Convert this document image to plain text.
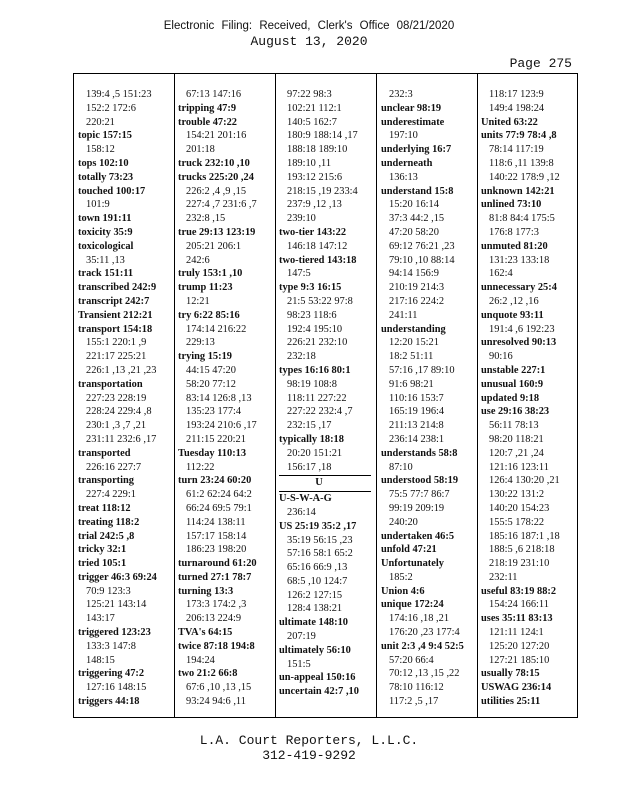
Electronic Filing: Received, Clerk's Office 08/21/2020
August 13, 2020
Page 275
139:4 ,5 151:23
152:2 172:6
220:21
topic 157:15
158:12
tops 102:10
totally 73:23
touched 100:17
101:9
town 191:11
toxicity 35:9
toxicological
35:11 ,13
track 151:11
transcribed 242:9
transcript 242:7
Transient 212:21
transport 154:18
155:1 220:1 ,9
221:17 225:21
226:1 ,13 ,21 ,23
transportation
227:23 228:19
228:24 229:4 ,8
230:1 ,3 ,7 ,21
231:11 232:6 ,17
transported
226:16 227:7
transporting
227:4 229:1
treat 118:12
treating 118:2
trial 242:5 ,8
tricky 32:1
tried 105:1
trigger 46:3 69:24
70:9 123:3
125:21 143:14
143:17
triggered 123:23
133:3 147:8
148:15
triggering 47:2
127:16 148:15
triggers 44:18
67:13 147:16
tripping 47:9
trouble 47:22
154:21 201:16
201:18
truck 232:10 ,10
trucks 225:20 ,24
226:2 ,4 ,9 ,15
227:4 ,7 231:6 ,7
232:8 ,15
true 29:13 123:19
205:21 206:1
242:6
truly 153:1 ,10
trump 11:23
12:21
try 6:22 85:16
174:14 216:22
229:13
trying 15:19
44:15 47:20
58:20 77:12
83:14 126:8 ,13
135:23 177:4
193:24 210:6 ,17
211:15 220:21
Tuesday 110:13
112:22
turn 23:24 60:20
61:2 62:24 64:2
66:24 69:5 79:1
114:24 138:11
157:17 158:14
186:23 198:20
turnaround 61:20
turned 27:1 78:7
turning 13:3
173:3 174:2 ,3
206:13 224:9
TVA's 64:15
twice 87:18 194:8
194:24
two 21:2 66:8
67:6 ,10 ,13 ,15
93:24 94:6 ,11
97:22 98:3
102:21 112:1
140:5 162:7
180:9 188:14 ,17
188:18 189:10
189:10 ,11
193:12 215:6
218:15 ,19 233:4
237:9 ,12 ,13
239:10
two-tier 143:22
146:18 147:12
two-tiered 143:18
147:5
type 9:3 16:15
21:5 53:22 97:8
98:23 118:6
192:4 195:10
226:21 232:10
232:18
types 16:16 80:1
98:19 108:8
118:11 227:22
227:22 232:4 ,7
232:15 ,17
typically 18:18
20:20 151:21
156:17 ,18
U
U-S-W-A-G
236:14
US 25:19 35:2 ,17
35:19 56:15 ,23
57:16 58:1 65:2
65:16 66:9 ,13
68:5 ,10 124:7
126:2 127:15
128:4 138:21
ultimate 148:10
207:19
ultimately 56:10
151:5
un-appeal 150:16
uncertain 42:7 ,10
232:3
unclear 98:19
underestimate
197:10
underlying 16:7
underneath
136:13
understand 15:8
15:20 16:14
37:3 44:2 ,15
47:20 58:20
69:12 76:21 ,23
79:10 ,10 88:14
94:14 156:9
210:19 214:3
217:16 224:2
241:11
understanding
12:20 15:21
18:2 51:11
57:16 ,17 89:10
91:6 98:21
110:16 153:7
165:19 196:4
211:13 214:8
236:14 238:1
understands 58:8
87:10
understood 58:19
75:5 77:7 86:7
99:19 209:19
240:20
undertaken 46:5
unfold 47:21
Unfortunately
185:2
Union 4:6
unique 172:24
174:16 ,18 ,21
176:20 ,23 177:4
unit 2:3 ,4 9:4 52:5
57:20 66:4
70:12 ,13 ,15 ,22
78:10 116:12
117:2 ,5 ,17
118:17 123:9
149:4 198:24
United 63:22
units 77:9 78:4 ,8
78:14 117:19
118:6 ,11 139:8
140:22 178:9 ,12
unknown 142:21
unlined 73:10
81:8 84:4 175:5
176:8 177:3
unmuted 81:20
131:23 133:18
162:4
unnecessary 25:4
26:2 ,12 ,16
unquote 93:11
191:4 ,6 192:23
unresolved 90:13
90:16
unstable 227:1
unusual 160:9
updated 9:18
use 29:16 38:23
56:11 78:13
98:20 118:21
120:7 ,21 ,24
121:16 123:11
126:4 130:20 ,21
130:22 131:2
140:20 154:23
155:5 178:22
185:16 187:1 ,18
188:5 ,6 218:18
218:19 231:10
232:11
useful 83:19 88:2
154:24 166:11
uses 35:11 83:13
121:11 124:1
125:20 127:20
127:21 185:10
usually 78:15
USWAG 236:14
utilities 25:11
L.A. Court Reporters, L.L.C.
312-419-9292
